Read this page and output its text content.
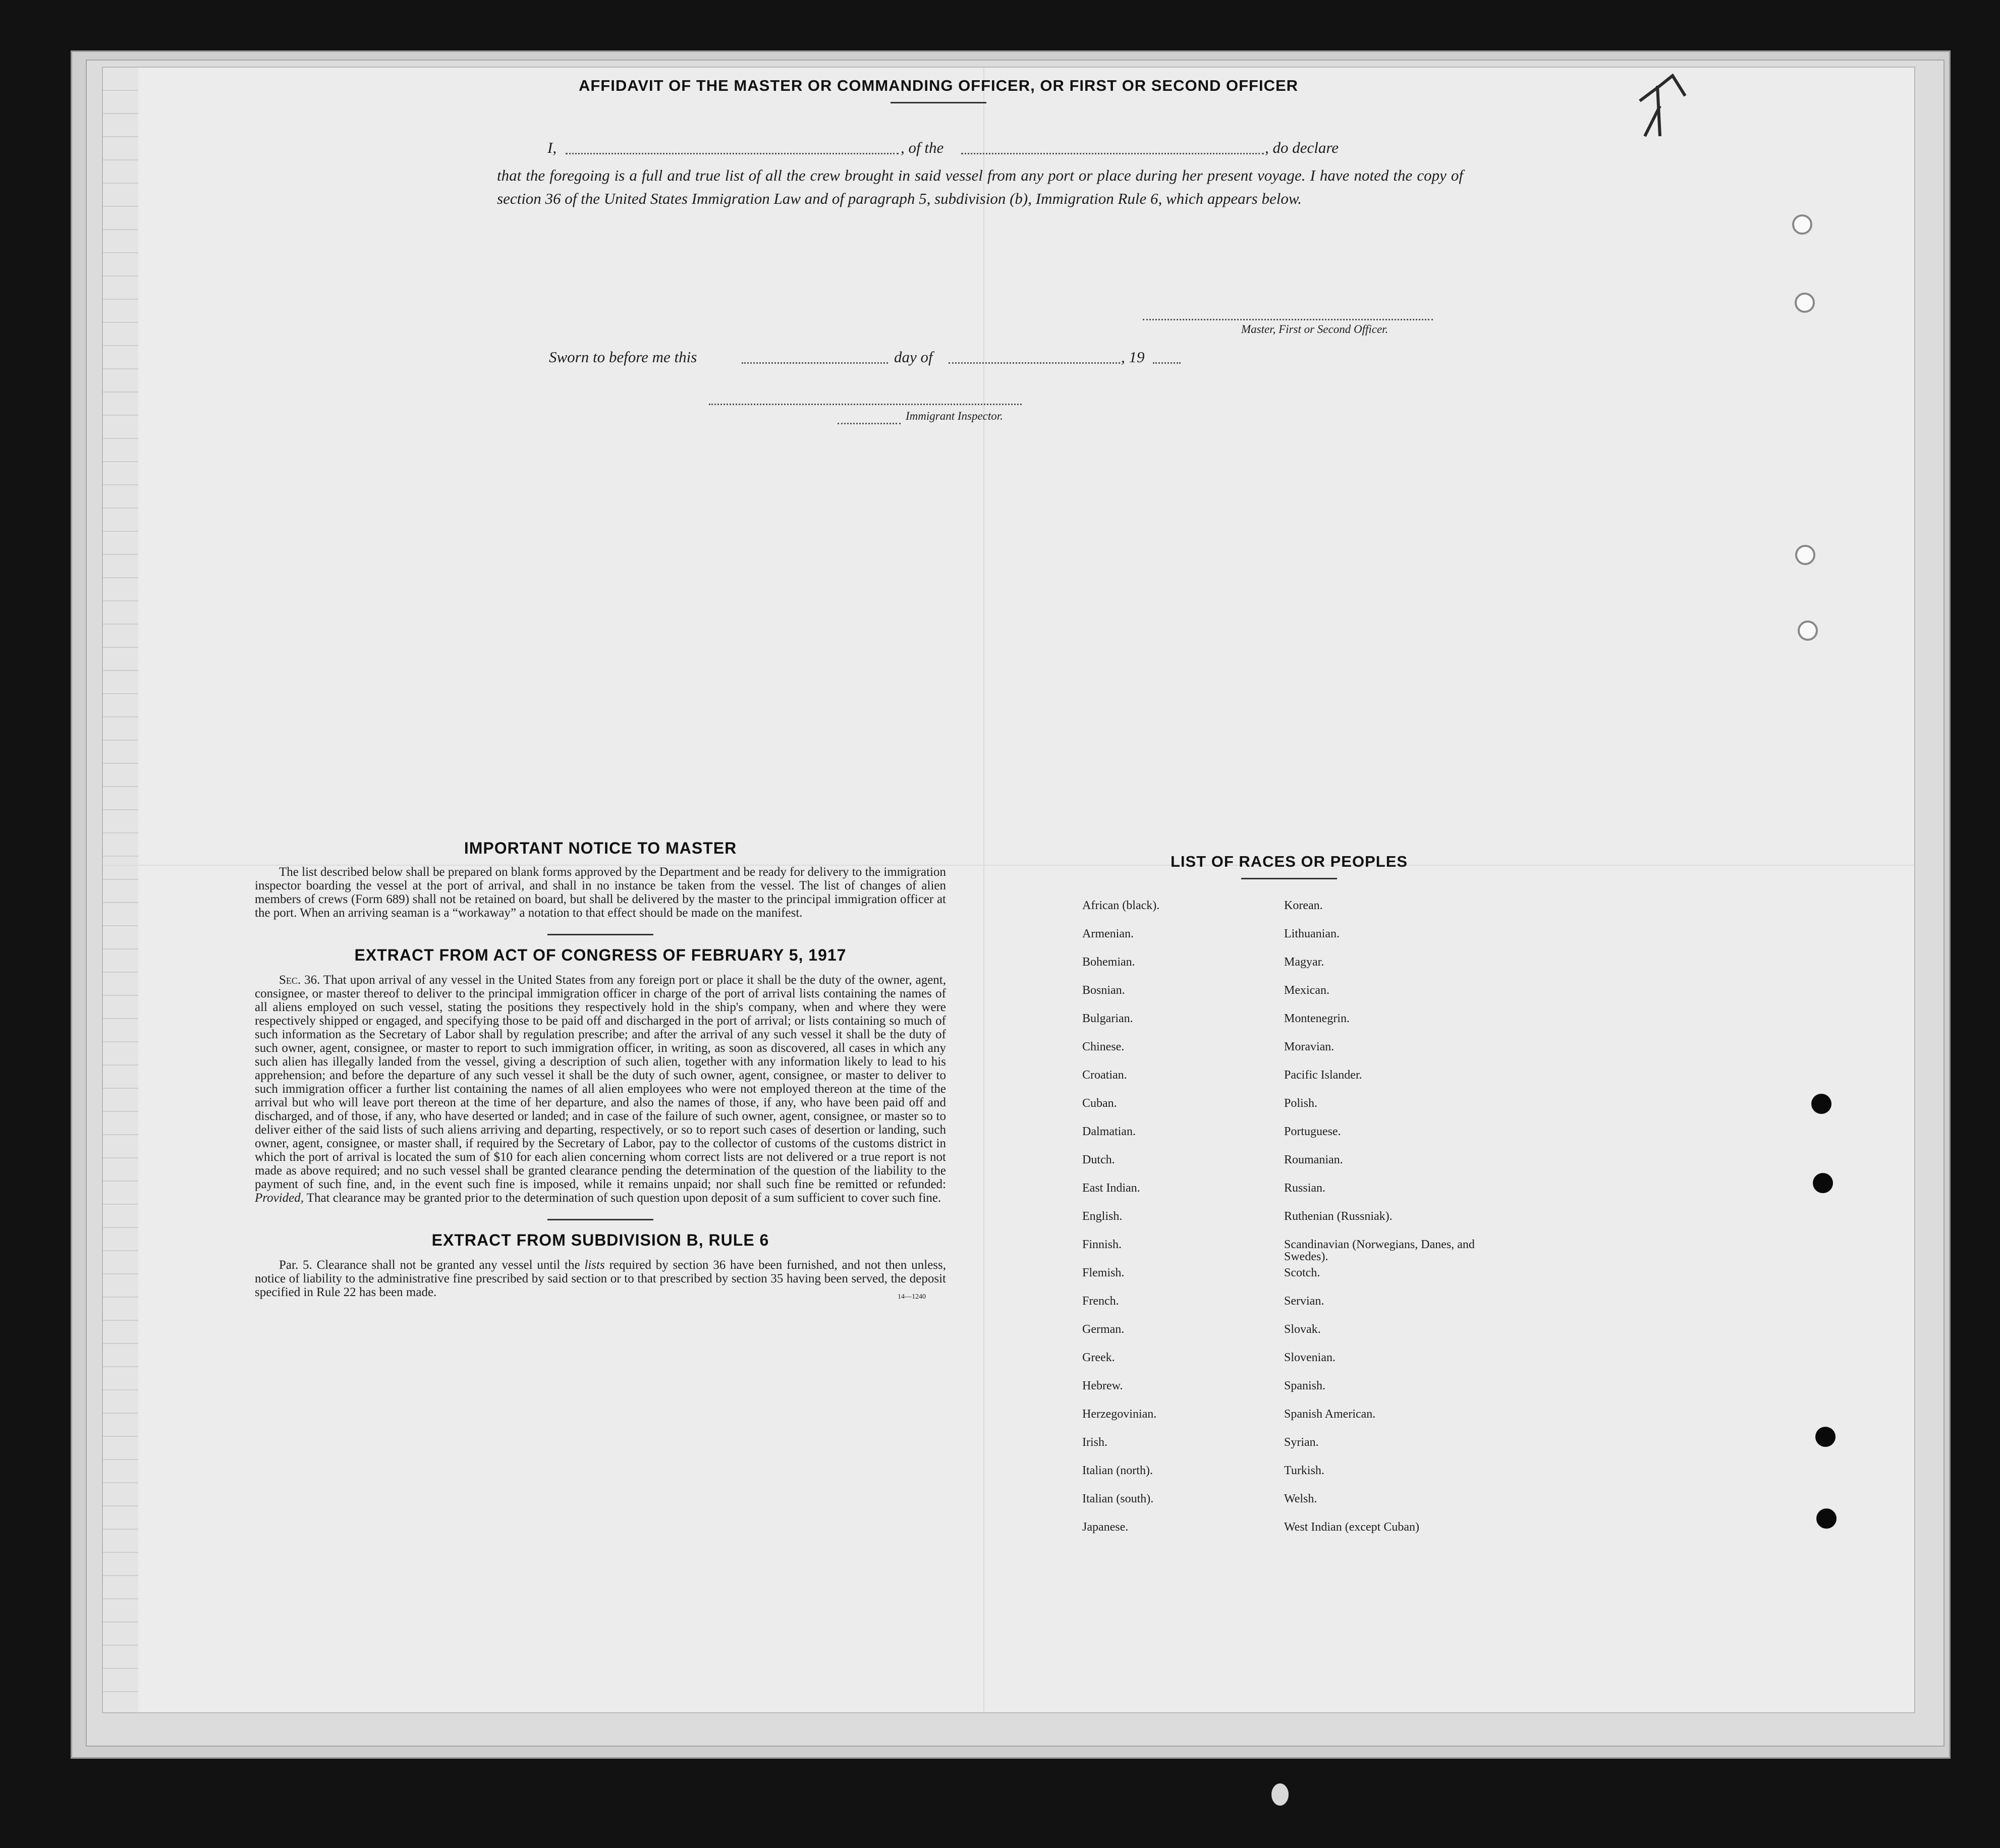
AFFIDAVIT OF THE MASTER OR COMMANDING OFFICER, OR FIRST OR SECOND OFFICER
I,	, of the	, do declare

that the foregoing is a full and true list of all the crew brought in said vessel from any port or place during her present voyage. I have noted the copy of section 36 of the United States Immigration Law and of paragraph 5, subdivision (b), Immigration Rule 6, which appears below.

Master, First or Second Officer.
Sworn to before me this	day of	, 19
Immigrant Inspector.
IMPORTANT NOTICE TO MASTER

The list described below shall be prepared on blank forms approved by the Department and be ready for delivery to the immigration inspector boarding the vessel at the port of arrival, and shall in no instance be taken from the vessel. The list of changes of alien members of crews (Form 689) shall not be retained on board, but shall be delivered by the master to the principal immigration officer at the port. When an arriving seaman is a “workaway” a notation to that effect should be made on the manifest.

EXTRACT FROM ACT OF CONGRESS OF FEBRUARY 5, 1917

Sec. 36. That upon arrival of any vessel in the United States from any foreign port or place it shall be the duty of the owner, agent, consignee, or master thereof to deliver to the principal immigration officer in charge of the port of arrival lists containing the names of all aliens employed on such vessel, stating the positions they respectively hold in the ship's company, when and where they were respectively shipped or engaged, and specifying those to be paid off and discharged in the port of arrival; or lists containing so much of such information as the Secretary of Labor shall by regulation prescribe; and after the arrival of any such vessel it shall be the duty of such owner, agent, consignee, or master to report to such immigration officer, in writing, as soon as discovered, all cases in which any such alien has illegally landed from the vessel, giving a description of such alien, together with any information likely to lead to his apprehension; and before the departure of any such vessel it shall be the duty of such owner, agent, consignee, or master to deliver to such immigration officer a further list containing the names of all alien employees who were not employed thereon at the time of the arrival but who will leave port thereon at the time of her departure, and also the names of those, if any, who have been paid off and discharged, and of those, if any, who have deserted or landed; and in case of the failure of such owner, agent, consignee, or master so to deliver either of the said lists of such aliens arriving and departing, respectively, or so to report such cases of desertion or landing, such owner, agent, consignee, or master shall, if required by the Secretary of Labor, pay to the collector of customs of the customs district in which the port of arrival is located the sum of $10 for each alien concerning whom correct lists are not delivered or a true report is not made as above required; and no such vessel shall be granted clearance pending the determination of the question of the liability to the payment of such fine, and, in the event such fine is imposed, while it remains unpaid; nor shall such fine be remitted or refunded: Provided, That clearance may be granted prior to the determination of such question upon deposit of a sum sufficient to cover such fine.

EXTRACT FROM SUBDIVISION B, RULE 6

Par. 5. Clearance shall not be granted any vessel until the lists required by section 36 have been furnished, and not then unless, notice of liability to the administrative fine prescribed by said section or to that prescribed by section 35 having been served, the deposit specified in Rule 22 has been made.	14—1240
LIST OF RACES OR PEOPLES
African (black).	Korean.
Armenian.	Lithuanian.
Bohemian.	Magyar.
Bosnian.	Mexican.
Bulgarian.	Montenegrin.
Chinese.	Moravian.
Croatian.	Pacific Islander.
Cuban.	Polish.
Dalmatian.	Portuguese.
Dutch.	Roumanian.
East Indian.	Russian.
English.	Ruthenian (Russniak).
Finnish.	Scandinavian (Norwegians, Danes, and Swedes).
Flemish.	Scotch.
French.	Servian.
German.	Slovak.
Greek.	Slovenian.
Hebrew.	Spanish.
Herzegovinian.	Spanish American.
Irish.	Syrian.
Italian (north).	Turkish.
Italian (south).	Welsh.
Japanese.	West Indian (except Cuban)
